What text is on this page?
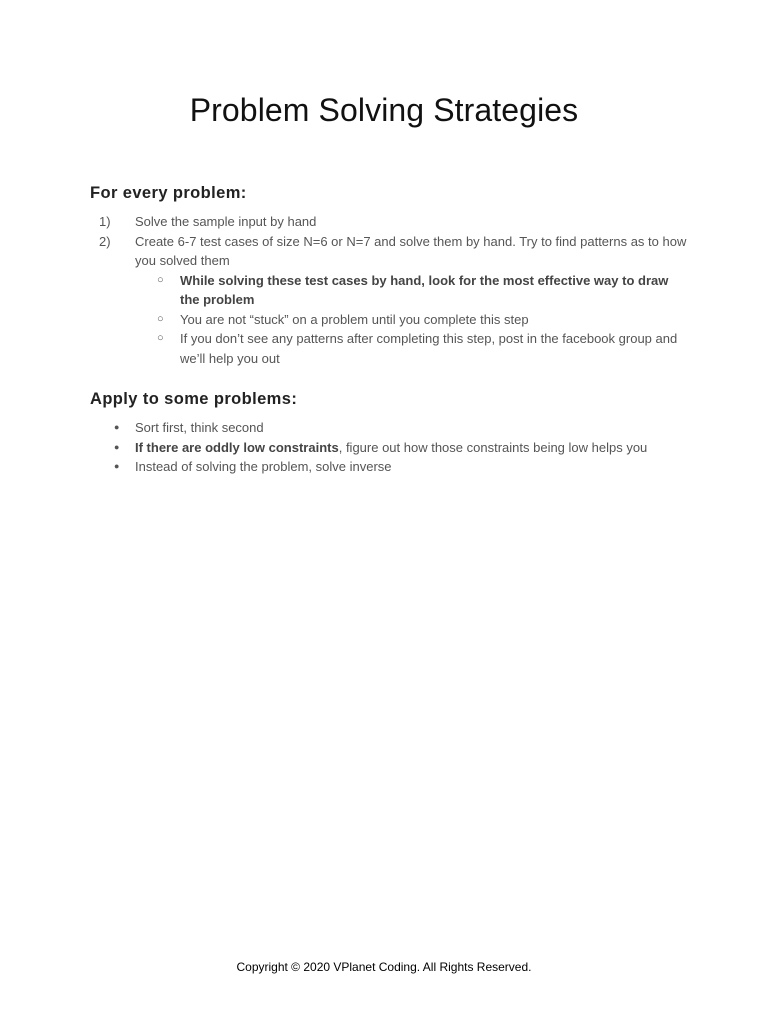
Problem Solving Strategies
For every problem:
1) Solve the sample input by hand
2) Create 6-7 test cases of size N=6 or N=7 and solve them by hand. Try to find patterns as to how you solved them
○ While solving these test cases by hand, look for the most effective way to draw the problem
○ You are not “stuck” on a problem until you complete this step
○ If you don’t see any patterns after completing this step, post in the facebook group and we’ll help you out
Apply to some problems:
● Sort first, think second
● If there are oddly low constraints, figure out how those constraints being low helps you
● Instead of solving the problem, solve inverse
Copyright © 2020 VPlanet Coding. All Rights Reserved.
